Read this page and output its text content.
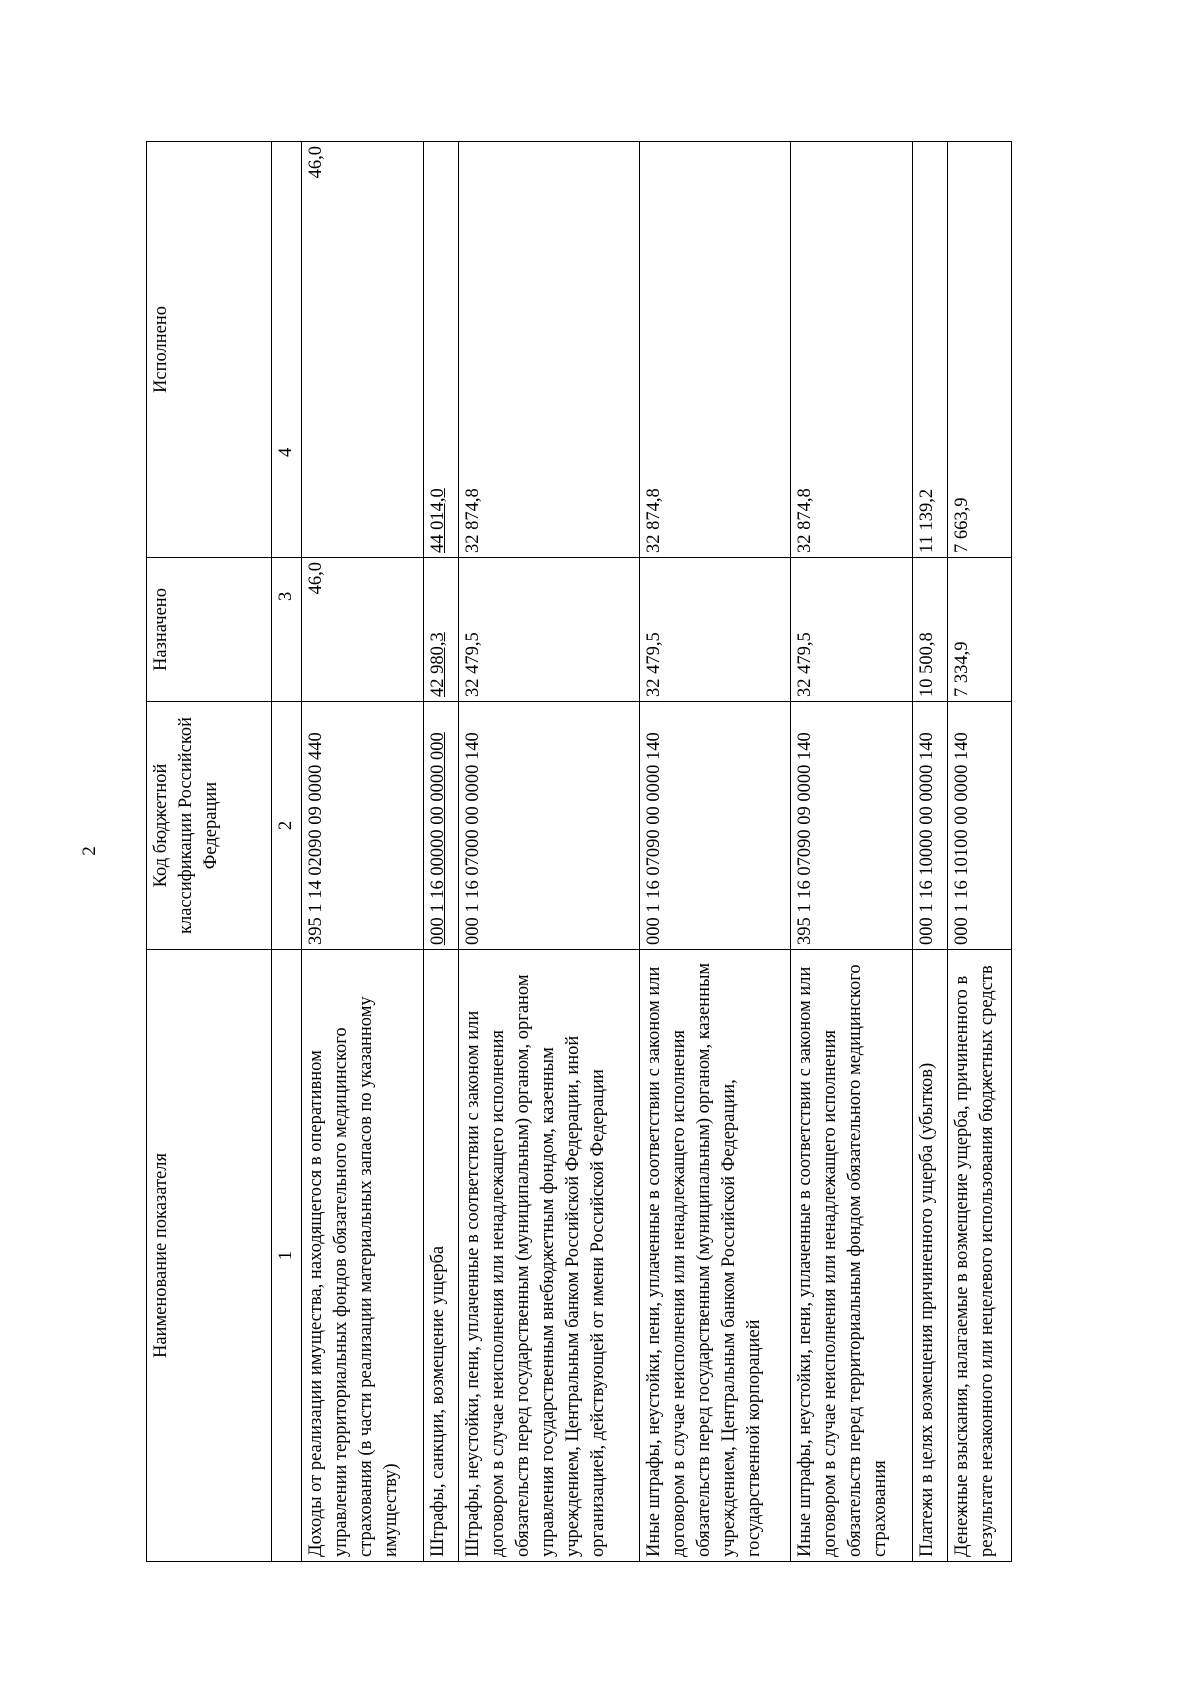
2
Наименование показателя	Код бюджетной классификации Российской Федерации	Назначено	Исполнено
1	2	3	4
Доходы от реализации имущества, находящегося в оперативном управлении территориальных фондов обязательного медицинского страхования (в части реализации материальных запасов по указанному имуществу)	395 1 14 02090 09 0000 440	46,0	46,0
Штрафы, санкции, возмещение ущерба	000 1 16 00000 00 0000 000	42 980,3	44 014,0
Штрафы, неустойки, пени, уплаченные в соответствии с законом или договором в случае неисполнения или ненадлежащего исполнения обязательств перед государственным (муниципальным) органом, органом управления государственным внебюджетным фондом, казенным учреждением, Центральным банком Российской Федерации, иной организацией, действующей от имени Российской Федерации	000 1 16 07000 00 0000 140	32 479,5	32 874,8
Иные штрафы, неустойки, пени, уплаченные в соответствии с законом или договором в случае неисполнения или ненадлежащего исполнения обязательств перед государственным (муниципальным) органом, казенным учреждением, Центральным банком Российской Федерации, государственной корпорацией	000 1 16 07090 00 0000 140	32 479,5	32 874,8
Иные штрафы, неустойки, пени, уплаченные в соответствии с законом или договором в случае неисполнения или ненадлежащего исполнения обязательств перед территориальным фондом обязательного медицинского страхования	395 1 16 07090 09 0000 140	32 479,5	32 874,8
Платежи в целях возмещения причиненного ущерба (убытков)	000 1 16 10000 00 0000 140	10 500,8	11 139,2
Денежные взыскания, налагаемые в возмещение ущерба, причиненного в результате незаконного или нецелевого использования бюджетных средств	000 1 16 10100 00 0000 140	7 334,9	7 663,9
